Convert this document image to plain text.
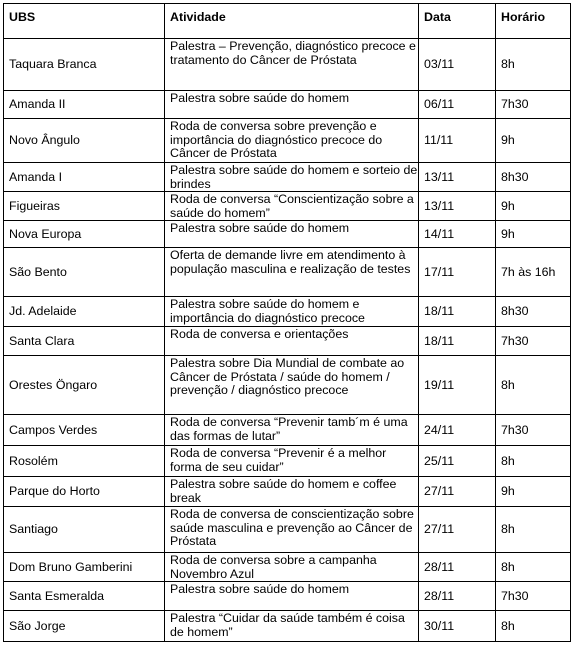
UBS	Atividade	Data	Horário
Taquara Branca	Palestra – Prevenção, diagnóstico precoce e tratamento do Câncer de Próstata	03/11	8h
Amanda II	Palestra sobre saúde do homem	06/11	7h30
Novo Ângulo	Roda de conversa sobre prevenção e importância do diagnóstico precoce do Câncer de Próstata	11/11	9h
Amanda I	Palestra sobre saúde do homem e sorteio de brindes	13/11	8h30
Figueiras	Roda de conversa “Conscientização sobre a saúde do homem”	13/11	9h
Nova Europa	Palestra sobre saúde do homem	14/11	9h
São Bento	Oferta de demande livre em atendimento à população masculina e realização de testes	17/11	7h às 16h
Jd. Adelaide	Palestra sobre saúde do homem e importância do diagnóstico precoce	18/11	8h30
Santa Clara	Roda de conversa e orientações	18/11	7h30
Orestes Öngaro	Palestra sobre Dia Mundial de combate ao Câncer de Próstata / saúde do homem / prevenção / diagnóstico precoce	19/11	8h
Campos Verdes	Roda de conversa “Prevenir tamb´m é uma das formas de lutar”	24/11	7h30
Rosolém	Roda de conversa “Prevenir é a melhor forma de seu cuidar”	25/11	8h
Parque do Horto	Palestra sobre saúde do homem e coffee break	27/11	9h
Santiago	Roda de conversa de conscientização sobre saúde masculina e prevenção ao Câncer de Próstata	27/11	8h
Dom Bruno Gamberini	Roda de conversa sobre a campanha Novembro Azul	28/11	8h
Santa Esmeralda	Palestra sobre saúde do homem	28/11	7h30
São Jorge	Palestra “Cuidar da saúde também é coisa de homem”	30/11	8h
